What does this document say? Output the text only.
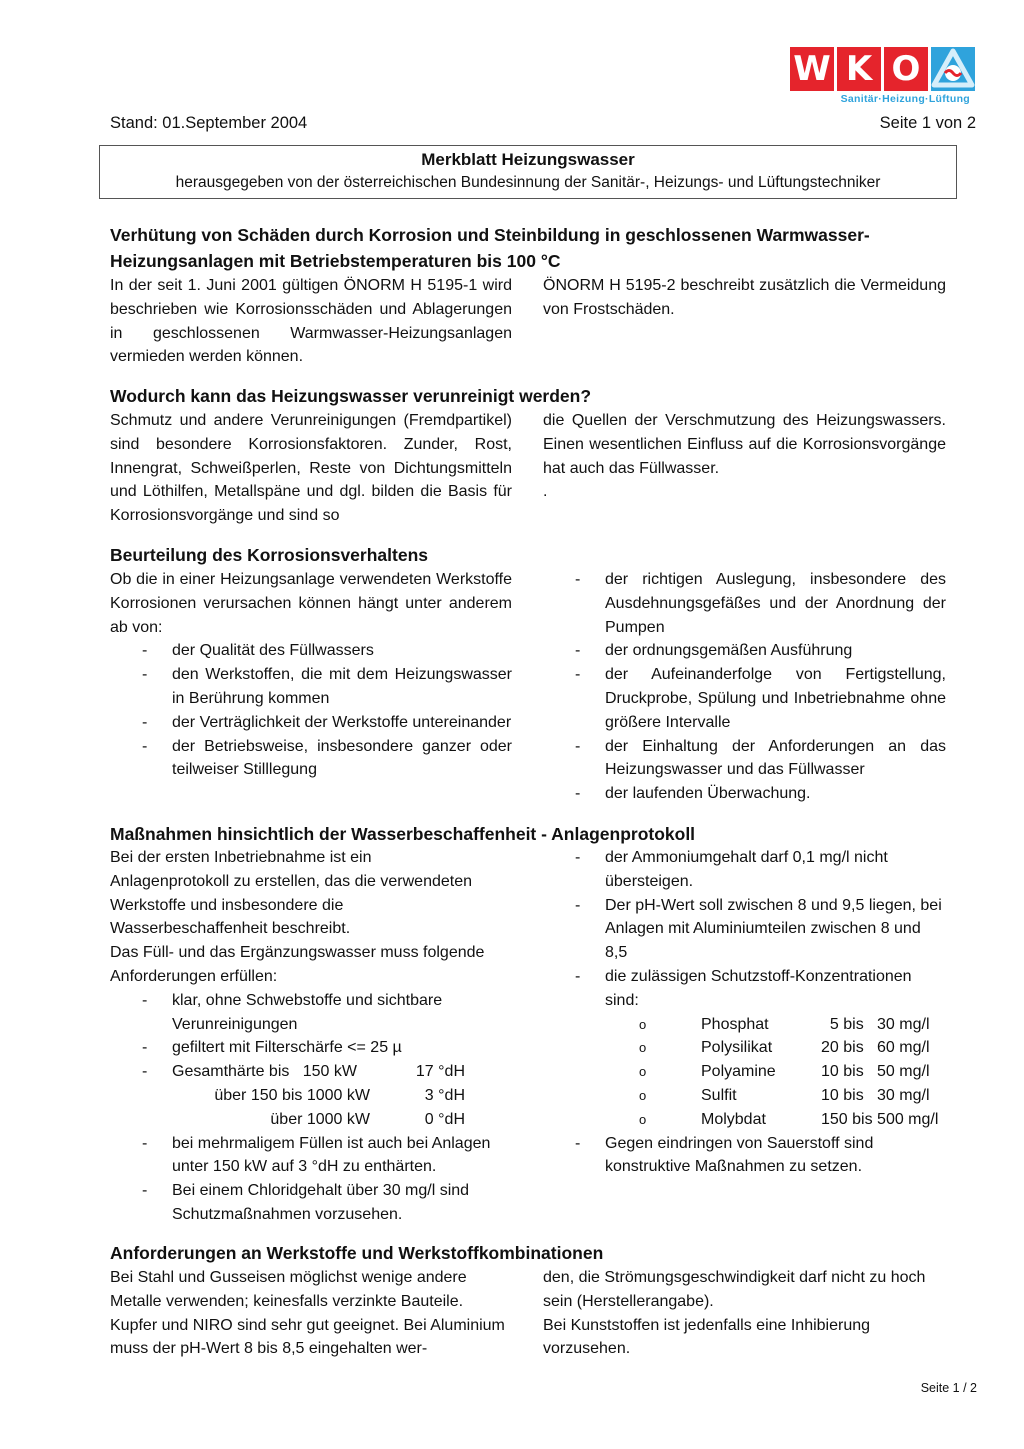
W K O
Sanitär·Heizung·Lüftung
Stand: 01.September 2004	Seite 1 von 2
Merkblatt Heizungswasser
herausgegeben von der österreichischen Bundesinnung der Sanitär-, Heizungs- und Lüftungstechniker
Verhütung von Schäden durch Korrosion und Steinbildung in geschlossenen Warmwasser-
Heizungsanlagen mit Betriebstemperaturen bis 100 °C

In der seit 1. Juni 2001 gültigen ÖNORM H 5195-1 wird beschrieben wie Korrosionsschäden und Ablagerungen in geschlossenen Warmwasser-Heizungsanlagen vermieden werden können.

ÖNORM H 5195-2 beschreibt zusätzlich die Vermeidung von Frostschäden.

Wodurch kann das Heizungswasser verunreinigt werden?

Schmutz und andere Verunreinigungen (Fremdpartikel) sind besondere Korrosionsfaktoren. Zunder, Rost, Innengrat, Schweißperlen, Reste von Dichtungsmitteln und Löthilfen, Metallspäne und dgl. bilden die Basis für Korrosionsvorgänge und sind so

die Quellen der Verschmutzung des Heizungswassers. Einen wesentlichen Einfluss auf die Korrosionsvorgänge hat auch das Füllwasser.

.

Beurteilung des Korrosionsverhaltens

Ob die in einer Heizungsanlage verwendeten Werkstoffe Korrosionen verursachen können hängt unter anderem ab von:

-	der Qualität des Füllwassers
-	den Werkstoffen, die mit dem Heizungswasser in Berührung kommen
-	der Verträglichkeit der Werkstoffe untereinander
-	der Betriebsweise, insbesondere ganzer oder teilweiser Stilllegung
-	der richtigen Auslegung, insbesondere des Ausdehnungsgefäßes und der Anordnung der Pumpen
-	der ordnungsgemäßen Ausführung
-	der Aufeinanderfolge von Fertigstellung, Druckprobe, Spülung und Inbetriebnahme ohne größere Intervalle
-	der Einhaltung der Anforderungen an das Heizungswasser und das Füllwasser
-	der laufenden Überwachung.
Maßnahmen hinsichtlich der Wasserbeschaffenheit - Anlagenprotokoll

Bei der ersten Inbetriebnahme ist ein Anlagenprotokoll zu erstellen, das die verwendeten Werkstoffe und insbesondere die Wasserbeschaffenheit beschreibt.

Das Füll- und das Ergänzungswasser muss folgende Anforderungen erfüllen:

-	klar, ohne Schwebstoffe und sichtbare Verunreinigungen
-	gefiltert mit Filterschärfe <= 25 µ
-	Gesamthärte bis   150 kW	17 °dH
über 150 bis 1000 kW	3 °dH
über 1000 kW	0 °dH
-	bei mehrmaligem Füllen ist auch bei Anlagen unter 150 kW auf 3 °dH zu enthärten.
-	Bei einem Chloridgehalt über 30 mg/l sind Schutzmaßnahmen vorzusehen.
-	der Ammoniumgehalt darf 0,1 mg/l nicht übersteigen.
-	Der pH-Wert soll zwischen 8 und 9,5 liegen, bei Anlagen mit Aluminiumteilen zwischen 8 und 8,5
-	die zulässigen Schutzstoff-Konzentrationen sind:
o	Phosphat	5 bis   30 mg/l
o	Polysilikat	20 bis   60 mg/l
o	Polyamine	10 bis   50 mg/l
o	Sulfit	10 bis   30 mg/l
o	Molybdat	150 bis 500 mg/l
-	Gegen eindringen von Sauerstoff sind konstruktive Maßnahmen zu setzen.
Anforderungen an Werkstoffe und Werkstoffkombinationen

Bei Stahl und Gusseisen möglichst wenige andere Metalle verwenden; keinesfalls verzinkte Bauteile. Kupfer und NIRO sind sehr gut geeignet. Bei Aluminium muss der pH-Wert 8 bis 8,5 eingehalten wer-

den, die Strömungsgeschwindigkeit darf nicht zu hoch sein (Herstellerangabe).

Bei Kunststoffen ist jedenfalls eine Inhibierung vorzusehen.

Seite 1 / 2
